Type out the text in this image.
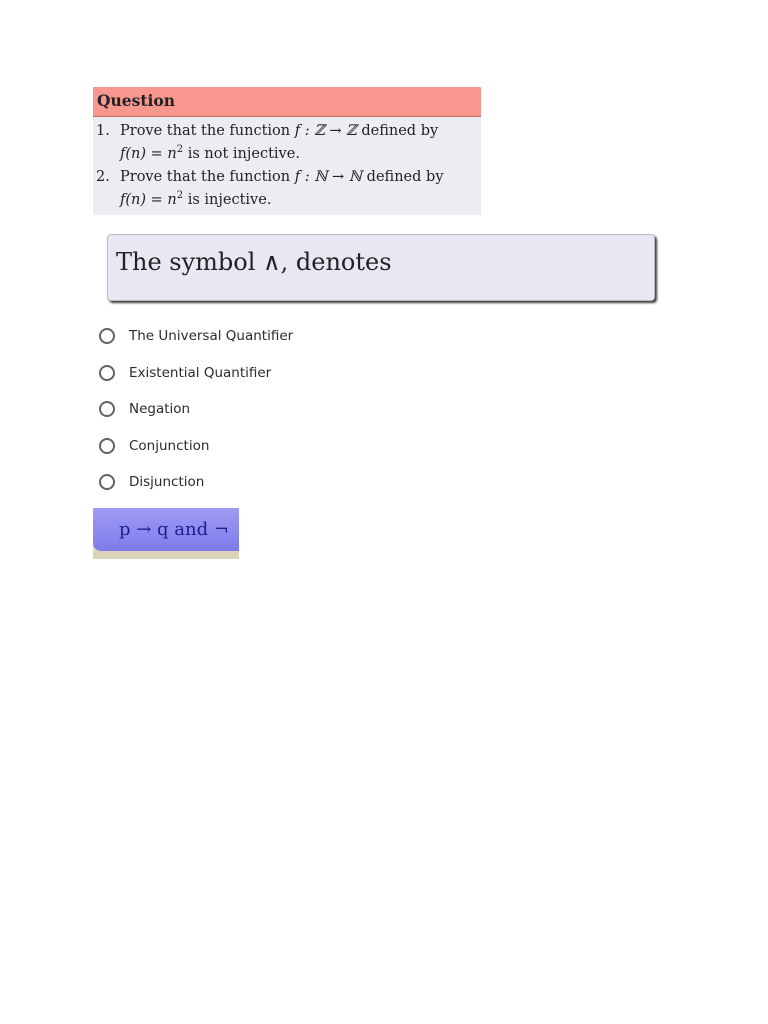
Question
1. Prove that the function f : ℤ → ℤ defined by
$f(n) = n^2$ is not injective.
2. Prove that the function f : ℕ → ℕ defined by
$f(n) = n^2$ is injective.
The symbol ∧, denotes
The Universal Quantifier
Existential Quantifier
Negation
Conjunction
Disjunction
p → q and ¬
